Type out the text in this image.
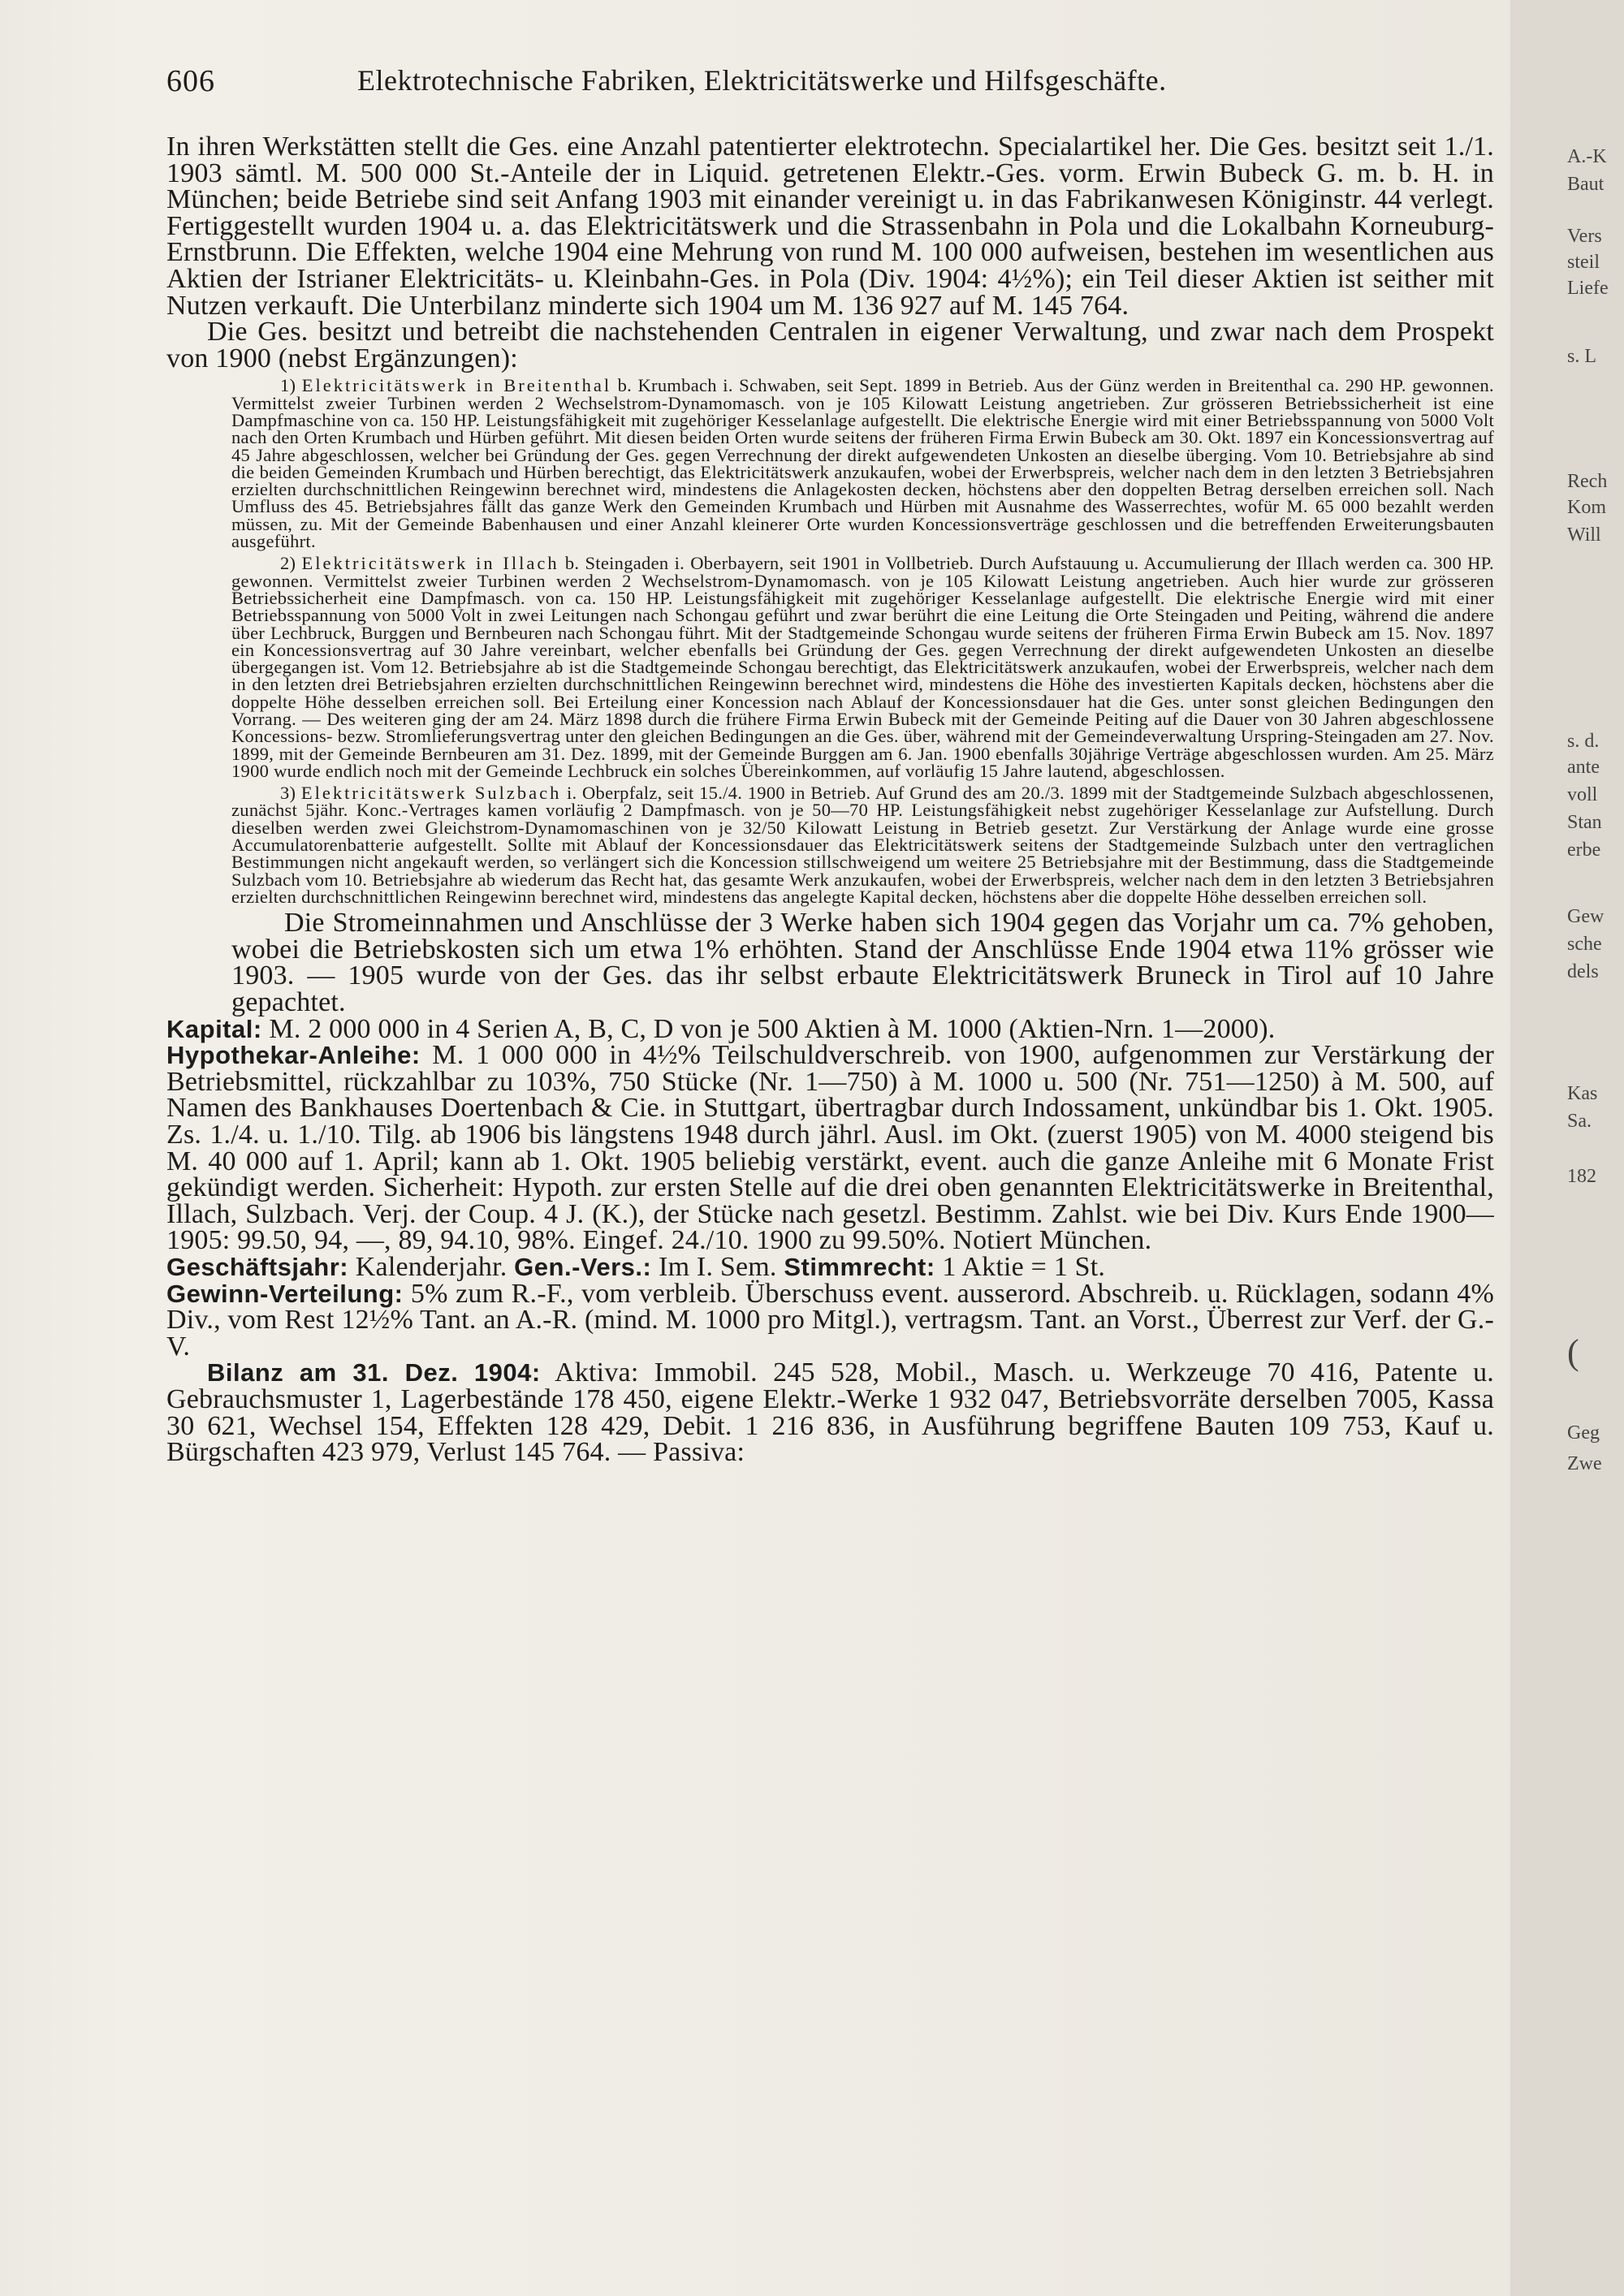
A.-K
Baut
Vers
steil
Liefe
s. L
Rech
Kom
Will
s. d.
ante
voll
Stan
erbe
Gew
sche
dels
Kas
Sa.
182
(
Geg
Zwe
606	Elektrotechnische Fabriken, Elektricitätswerke und Hilfsgeschäfte.

In ihren Werkstätten stellt die Ges. eine Anzahl patentierter elektrotechn. Specialartikel her. Die Ges. besitzt seit 1./1. 1903 sämtl. M. 500 000 St.-Anteile der in Liquid. getretenen Elektr.-Ges. vorm. Erwin Bubeck G. m. b. H. in München; beide Betriebe sind seit Anfang 1903 mit einander vereinigt u. in das Fabrikanwesen Königinstr. 44 verlegt. Fertiggestellt wurden 1904 u. a. das Elektricitätswerk und die Strassenbahn in Pola und die Lokalbahn Korneuburg-Ernstbrunn. Die Effekten, welche 1904 eine Mehrung von rund M. 100 000 aufweisen, bestehen im wesentlichen aus Aktien der Istrianer Elektricitäts- u. Kleinbahn-Ges. in Pola (Div. 1904: 4½%); ein Teil dieser Aktien ist seither mit Nutzen verkauft. Die Unterbilanz minderte sich 1904 um M. 136 927 auf M. 145 764.

Die Ges. besitzt und betreibt die nachstehenden Centralen in eigener Verwaltung, und zwar nach dem Prospekt von 1900 (nebst Ergänzungen):

1) Elektricitätswerk in Breitenthal b. Krumbach i. Schwaben, seit Sept. 1899 in Betrieb. Aus der Günz werden in Breitenthal ca. 290 HP. gewonnen. Vermittelst zweier Turbinen werden 2 Wechselstrom-Dynamomasch. von je 105 Kilowatt Leistung angetrieben. Zur grösseren Betriebssicherheit ist eine Dampfmaschine von ca. 150 HP. Leistungsfähigkeit mit zugehöriger Kesselanlage aufgestellt. Die elektrische Energie wird mit einer Betriebsspannung von 5000 Volt nach den Orten Krumbach und Hürben geführt. Mit diesen beiden Orten wurde seitens der früheren Firma Erwin Bubeck am 30. Okt. 1897 ein Koncessionsvertrag auf 45 Jahre abgeschlossen, welcher bei Gründung der Ges. gegen Verrechnung der direkt aufgewendeten Unkosten an dieselbe überging. Vom 10. Betriebsjahre ab sind die beiden Gemeinden Krumbach und Hürben berechtigt, das Elektricitätswerk anzukaufen, wobei der Erwerbspreis, welcher nach dem in den letzten 3 Betriebsjahren erzielten durchschnittlichen Reingewinn berechnet wird, mindestens die Anlagekosten decken, höchstens aber den doppelten Betrag derselben erreichen soll. Nach Umfluss des 45. Betriebsjahres fällt das ganze Werk den Gemeinden Krumbach und Hürben mit Ausnahme des Wasserrechtes, wofür M. 65 000 bezahlt werden müssen, zu. Mit der Gemeinde Babenhausen und einer Anzahl kleinerer Orte wurden Koncessionsverträge geschlossen und die betreffenden Erweiterungsbauten ausgeführt.

2) Elektricitätswerk in Illach b. Steingaden i. Oberbayern, seit 1901 in Vollbetrieb. Durch Aufstauung u. Accumulierung der Illach werden ca. 300 HP. gewonnen. Vermittelst zweier Turbinen werden 2 Wechselstrom-Dynamomasch. von je 105 Kilowatt Leistung angetrieben. Auch hier wurde zur grösseren Betriebssicherheit eine Dampfmasch. von ca. 150 HP. Leistungsfähigkeit mit zugehöriger Kesselanlage aufgestellt. Die elektrische Energie wird mit einer Betriebsspannung von 5000 Volt in zwei Leitungen nach Schongau geführt und zwar berührt die eine Leitung die Orte Steingaden und Peiting, während die andere über Lechbruck, Burggen und Bernbeuren nach Schongau führt. Mit der Stadtgemeinde Schongau wurde seitens der früheren Firma Erwin Bubeck am 15. Nov. 1897 ein Koncessionsvertrag auf 30 Jahre vereinbart, welcher ebenfalls bei Gründung der Ges. gegen Verrechnung der direkt aufgewendeten Unkosten an dieselbe übergegangen ist. Vom 12. Betriebsjahre ab ist die Stadtgemeinde Schongau berechtigt, das Elektricitätswerk anzukaufen, wobei der Erwerbspreis, welcher nach dem in den letzten drei Betriebsjahren erzielten durchschnittlichen Reingewinn berechnet wird, mindestens die Höhe des investierten Kapitals decken, höchstens aber die doppelte Höhe desselben erreichen soll. Bei Erteilung einer Koncession nach Ablauf der Koncessionsdauer hat die Ges. unter sonst gleichen Bedingungen den Vorrang. — Des weiteren ging der am 24. März 1898 durch die frühere Firma Erwin Bubeck mit der Gemeinde Peiting auf die Dauer von 30 Jahren abgeschlossene Koncessions- bezw. Stromlieferungsvertrag unter den gleichen Bedingungen an die Ges. über, während mit der Gemeindeverwaltung Urspring-Steingaden am 27. Nov. 1899, mit der Gemeinde Bernbeuren am 31. Dez. 1899, mit der Gemeinde Burggen am 6. Jan. 1900 ebenfalls 30jährige Verträge abgeschlossen wurden. Am 25. März 1900 wurde endlich noch mit der Gemeinde Lechbruck ein solches Übereinkommen, auf vorläufig 15 Jahre lautend, abgeschlossen.

3) Elektricitätswerk Sulzbach i. Oberpfalz, seit 15./4. 1900 in Betrieb. Auf Grund des am 20./3. 1899 mit der Stadtgemeinde Sulzbach abgeschlossenen, zunächst 5jähr. Konc.-Vertrages kamen vorläufig 2 Dampfmasch. von je 50—70 HP. Leistungsfähigkeit nebst zugehöriger Kesselanlage zur Aufstellung. Durch dieselben werden zwei Gleichstrom-Dynamomaschinen von je 32/50 Kilowatt Leistung in Betrieb gesetzt. Zur Verstärkung der Anlage wurde eine grosse Accumulatorenbatterie aufgestellt. Sollte mit Ablauf der Koncessionsdauer das Elektricitätswerk seitens der Stadtgemeinde Sulzbach unter den vertraglichen Bestimmungen nicht angekauft werden, so verlängert sich die Koncession stillschweigend um weitere 25 Betriebsjahre mit der Bestimmung, dass die Stadtgemeinde Sulzbach vom 10. Betriebsjahre ab wiederum das Recht hat, das gesamte Werk anzukaufen, wobei der Erwerbspreis, welcher nach dem in den letzten 3 Betriebsjahren erzielten durchschnittlichen Reingewinn berechnet wird, mindestens das angelegte Kapital decken, höchstens aber die doppelte Höhe desselben erreichen soll.

Die Stromeinnahmen und Anschlüsse der 3 Werke haben sich 1904 gegen das Vorjahr um ca. 7% gehoben, wobei die Betriebskosten sich um etwa 1% erhöhten. Stand der Anschlüsse Ende 1904 etwa 11% grösser wie 1903. — 1905 wurde von der Ges. das ihr selbst erbaute Elektricitätswerk Bruneck in Tirol auf 10 Jahre gepachtet.

Kapital: M. 2 000 000 in 4 Serien A, B, C, D von je 500 Aktien à M. 1000 (Aktien-Nrn. 1—2000).

Hypothekar-Anleihe: M. 1 000 000 in 4½% Teilschuldverschreib. von 1900, aufgenommen zur Verstärkung der Betriebsmittel, rückzahlbar zu 103%, 750 Stücke (Nr. 1—750) à M. 1000 u. 500 (Nr. 751—1250) à M. 500, auf Namen des Bankhauses Doertenbach & Cie. in Stuttgart, übertragbar durch Indossament, unkündbar bis 1. Okt. 1905. Zs. 1./4. u. 1./10. Tilg. ab 1906 bis längstens 1948 durch jährl. Ausl. im Okt. (zuerst 1905) von M. 4000 steigend bis M. 40 000 auf 1. April; kann ab 1. Okt. 1905 beliebig verstärkt, event. auch die ganze Anleihe mit 6 Monate Frist gekündigt werden. Sicherheit: Hypoth. zur ersten Stelle auf die drei oben genannten Elektricitätswerke in Breitenthal, Illach, Sulzbach. Verj. der Coup. 4 J. (K.), der Stücke nach gesetzl. Bestimm. Zahlst. wie bei Div. Kurs Ende 1900—1905: 99.50, 94, —, 89, 94.10, 98%. Eingef. 24./10. 1900 zu 99.50%. Notiert München.

Geschäftsjahr: Kalenderjahr. Gen.-Vers.: Im I. Sem. Stimmrecht: 1 Aktie = 1 St.

Gewinn-Verteilung: 5% zum R.-F., vom verbleib. Überschuss event. ausserord. Abschreib. u. Rücklagen, sodann 4% Div., vom Rest 12½% Tant. an A.-R. (mind. M. 1000 pro Mitgl.), vertragsm. Tant. an Vorst., Überrest zur Verf. der G.-V.

Bilanz am 31. Dez. 1904: Aktiva: Immobil. 245 528, Mobil., Masch. u. Werkzeuge 70 416, Patente u. Gebrauchsmuster 1, Lagerbestände 178 450, eigene Elektr.-Werke 1 932 047, Betriebsvorräte derselben 7005, Kassa 30 621, Wechsel 154, Effekten 128 429, Debit. 1 216 836, in Ausführung begriffene Bauten 109 753, Kauf u. Bürgschaften 423 979, Verlust 145 764. — Passiva:
